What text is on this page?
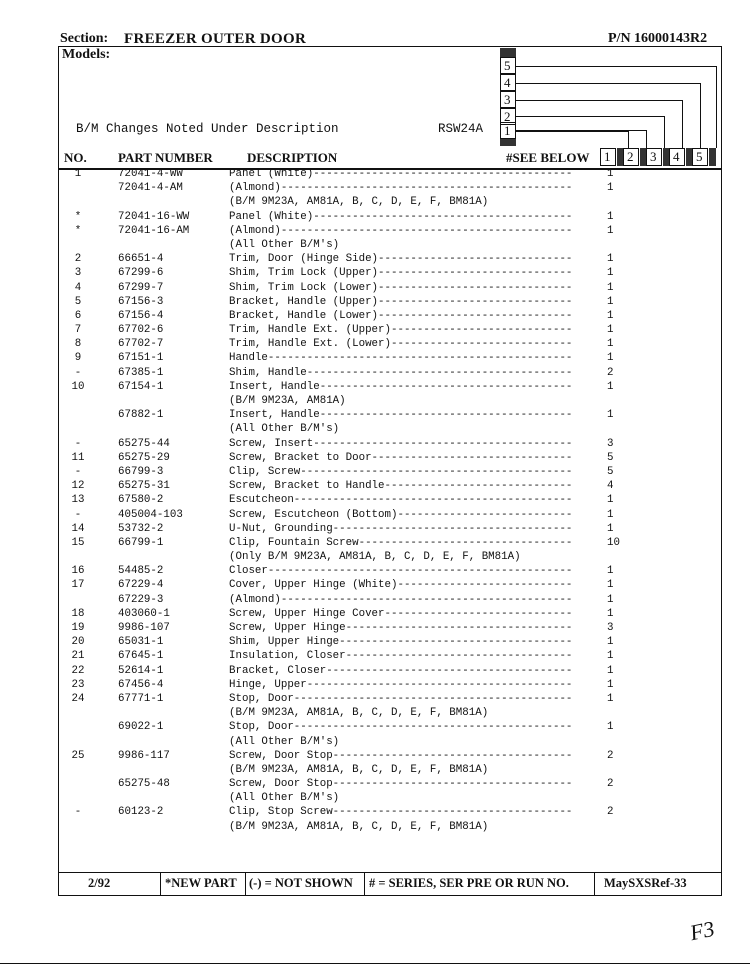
Section: FREEZER OUTER DOOR	P/N 16000143R2
Models:
5
4
3
2
1
B/M Changes Noted Under Description	RSW24A
NO. PART NUMBER	DESCRIPTION	#SEE BELOW	1	2	3	4	5
1	72041-4-WW	Panel (White)----------------------------------------	1
72041-4-AM	(Almond)---------------------------------------------	1
(B/M 9M23A, AM81A, B, C, D, E, F, BM81A)
*	72041-16-WW	Panel (White)----------------------------------------	1
*	72041-16-AM	(Almond)---------------------------------------------	1
(All Other B/M's)
2	66651-4	Trim, Door (Hinge Side)------------------------------	1
3	67299-6	Shim, Trim Lock (Upper)------------------------------	1
4	67299-7	Shim, Trim Lock (Lower)------------------------------	1
5	67156-3	Bracket, Handle (Upper)------------------------------	1
6	67156-4	Bracket, Handle (Lower)------------------------------	1
7	67702-6	Trim, Handle Ext. (Upper)----------------------------	1
8	67702-7	Trim, Handle Ext. (Lower)----------------------------	1
9	67151-1	Handle-----------------------------------------------	1
-	67385-1	Shim, Handle-----------------------------------------	2
10	67154-1	Insert, Handle---------------------------------------	1
(B/M 9M23A, AM81A)
67882-1	Insert, Handle---------------------------------------	1
(All Other B/M's)
-	65275-44	Screw, Insert----------------------------------------	3
11	65275-29	Screw, Bracket to Door-------------------------------	5
-	66799-3	Clip, Screw------------------------------------------	5
12	65275-31	Screw, Bracket to Handle-----------------------------	4
13	67580-2	Escutcheon-------------------------------------------	1
-	405004-103	Screw, Escutcheon (Bottom)---------------------------	1
14	53732-2	U-Nut, Grounding-------------------------------------	1
15	66799-1	Clip, Fountain Screw---------------------------------	10
(Only B/M 9M23A, AM81A, B, C, D, E, F, BM81A)
16	54485-2	Closer-----------------------------------------------	1
17	67229-4	Cover, Upper Hinge (White)---------------------------	1
67229-3	(Almond)---------------------------------------------	1
18	403060-1	Screw, Upper Hinge Cover-----------------------------	1
19	9986-107	Screw, Upper Hinge-----------------------------------	3
20	65031-1	Shim, Upper Hinge------------------------------------	1
21	67645-1	Insulation, Closer-----------------------------------	1
22	52614-1	Bracket, Closer--------------------------------------	1
23	67456-4	Hinge, Upper-----------------------------------------	1
24	67771-1	Stop, Door-------------------------------------------	1
(B/M 9M23A, AM81A, B, C, D, E, F, BM81A)
69022-1	Stop, Door-------------------------------------------	1
(All Other B/M's)
25	9986-117	Screw, Door Stop-------------------------------------	2
(B/M 9M23A, AM81A, B, C, D, E, F, BM81A)
65275-48	Screw, Door Stop-------------------------------------	2
(All Other B/M's)
-	60123-2	Clip, Stop Screw-------------------------------------	2
(B/M 9M23A, AM81A, B, C, D, E, F, BM81A)
2/92	*NEW PART (-) = NOT SHOWN # = SERIES, SER PRE OR RUN NO.	MaySXSRef-33
F3
